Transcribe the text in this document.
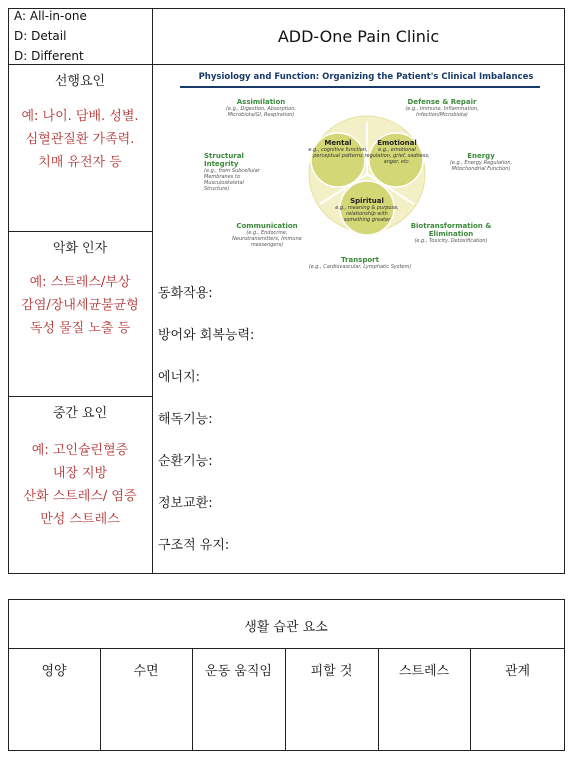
A: All-in-one
D: Detail
D: Different
ADD-One Pain Clinic
선행요인
예: 나이. 담배. 성별.
심혈관질환 가족력.
치매 유전자 등
악화 인자
예: 스트레스/부상
감염/장내세균불균형
독성 물질 노출 등
중간 요인
예: 고인슐린혈증
내장 지방
산화 스트레스/ 염증
만성 스트레스
Physiology and Function: Organizing the Patient's Clinical Imbalances
Mental
e.g., cognitive function, perceptual patterns
Emotional
e.g., emotional regulation, grief, sadness, anger, etc.
Spiritual
e.g., meaning & purpose, relationship with something greater
Assimilation
(e.g., Digestion, Absorption, Microbiota/GI, Respiration)
Defense & Repair
(e.g., Immune, Inflammation, Infection/Microbiota)
Structural Integrity
(e.g., from Subcellular Membranes to Musculoskeletal Structure)
Energy
(e.g., Energy Regulation, Mitochondrial Function)
Communication
(e.g., Endocrine, Neurotransmitters, Immune messengers)
Biotransformation & Elimination
(e.g., Toxicity, Detoxification)
Transport
(e.g., Cardiovascular, Lymphatic System)
동화작용:
방어와 회복능력:
에너지:
해독기능:
순환기능:
정보교환:
구조적 유지:
생활 습관 요소
영양	수면	운동 움직임	피할 것	스트레스	관계
